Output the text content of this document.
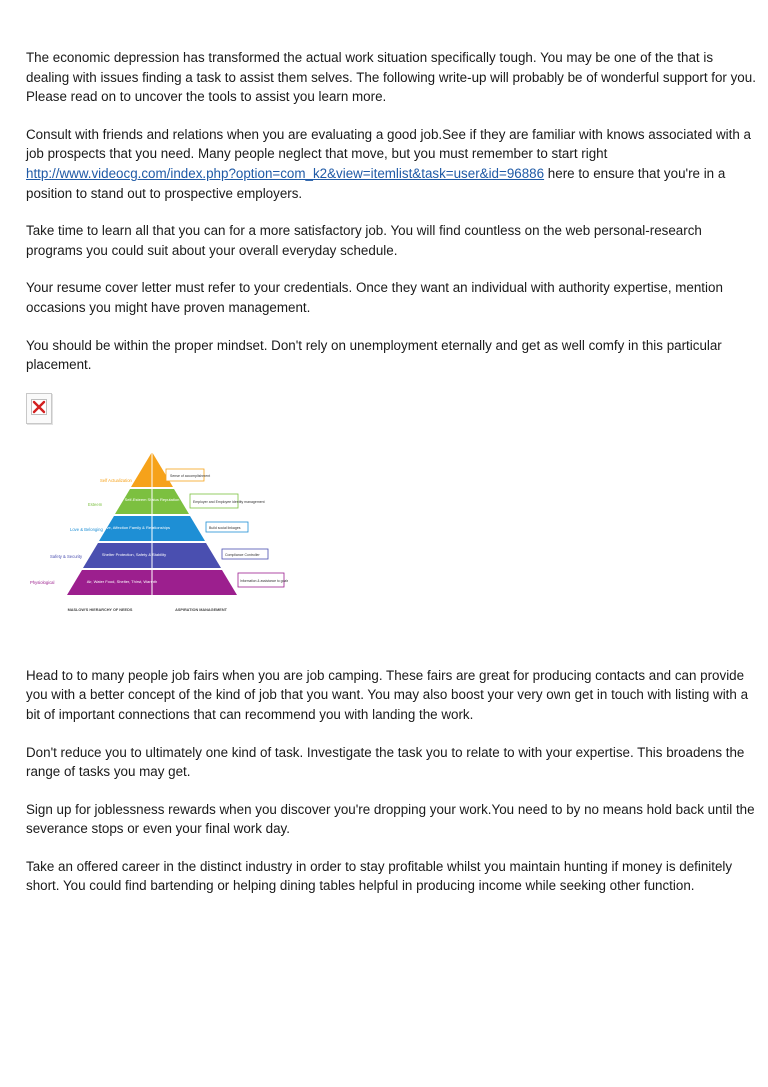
The economic depression has transformed the actual work situation specifically tough. You may be one of the that is dealing with issues finding a task to assist them selves. The following write-up will probably be of wonderful support for you. Please read on to uncover the tools to assist you learn more.

Consult with friends and relations when you are evaluating a good job.See if they are familiar with knows associated with a job prospects that you need. Many people neglect that move, but you must remember to start right http://www.videocg.com/index.php?option=com_k2&view=itemlist&task=user&id=96886 here to ensure that you're in a position to stand out to prospective employers.

Take time to learn all that you can for a more satisfactory job. You will find countless on the web personal-research programs you could suit about your overall everyday schedule.

Your resume cover letter must refer to your credentials. Once they want an individual with authority expertise, mention occasions you might have proven management.

You should be within the proper mindset. Don't rely on unemployment eternally and get as well comfy in this particular placement.

Self-Esteem Status Reputation
Love, Affection Family & Relationships
Shelter Protection, Safety & Stability
Air, Water Food, Shelter, Thirst, Warmth
Self Actualization
Esteem
Love & Belonging
Safety & Security
Physiological
Sense of accomplishment
Employer and Employee identity management
Build social linkages
Compliance Controller
Information & assistance to goals
MASLOW'S HIERARCHY OF NEEDS	ASPIRATION MANAGEMENT

Head to to many people job fairs when you are job camping. These fairs are great for producing contacts and can provide you with a better concept of the kind of job that you want. You may also boost your very own get in touch with listing with a bit of important connections that can recommend you with landing the work.

Don't reduce you to ultimately one kind of task. Investigate the task you to relate to with your expertise. This broadens the range of tasks you may get.

Sign up for joblessness rewards when you discover you're dropping your work.You need to by no means hold back until the severance stops or even your final work day.

Take an offered career in the distinct industry in order to stay profitable whilst you maintain hunting if money is definitely short. You could find bartending or helping dining tables helpful in producing income while seeking other function.
